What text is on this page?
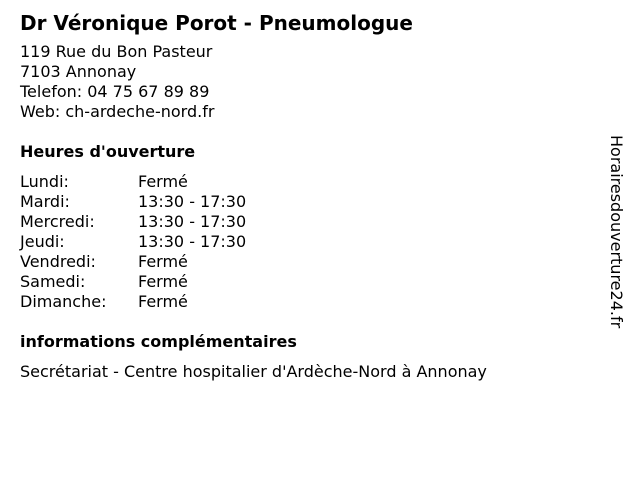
Dr Véronique Porot - Pneumologue
119 Rue du Bon Pasteur
7103 Annonay
Telefon: 04 75 67 89 89
Web: ch-ardeche-nord.fr
Heures d'ouverture
Lundi:	Fermé
Mardi:	13:30 - 17:30
Mercredi:	13:30 - 17:30
Jeudi:	13:30 - 17:30
Vendredi:	Fermé
Samedi:	Fermé
Dimanche:	Fermé
informations complémentaires
Secrétariat - Centre hospitalier d'Ardèche-Nord à Annonay
Horairesdouverture24.fr
